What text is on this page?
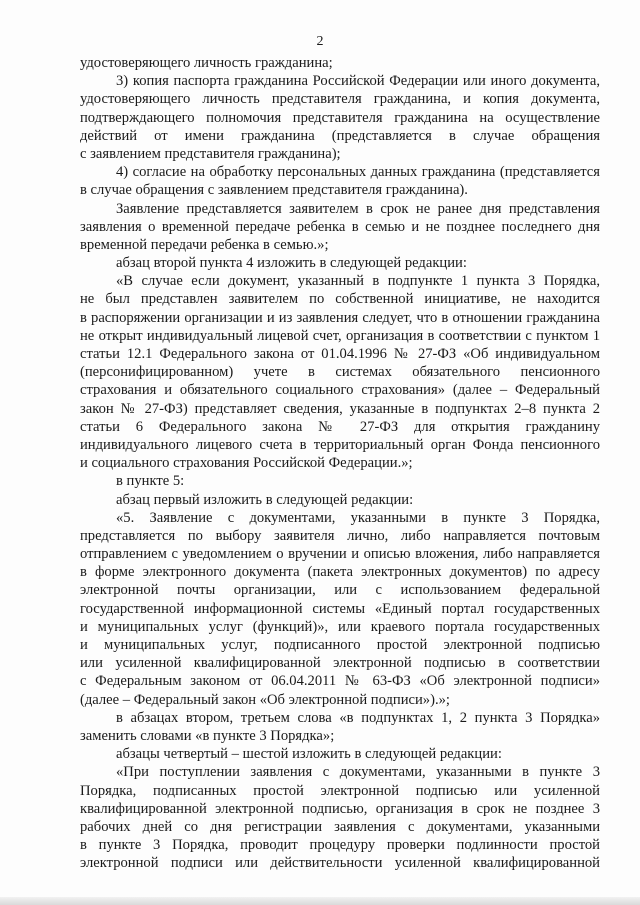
2
удостоверяющего личность гражданина;
3) копия паспорта гражданина Российской Федерации или иного документа,
удостоверяющего личность представителя гражданина, и копия документа,
подтверждающего полномочия представителя гражданина на осуществление
действий от имени гражданина (представляется в случае обращения
с заявлением представителя гражданина);
4) согласие на обработку персональных данных гражданина (представляется
в случае обращения с заявлением представителя гражданина).
Заявление представляется заявителем в срок не ранее дня представления
заявления о временной передаче ребенка в семью и не позднее последнего дня
временной передачи ребенка в семью.»;
абзац второй пункта 4 изложить в следующей редакции:
«В случае если документ, указанный в подпункте 1 пункта 3 Порядка,
не был представлен заявителем по собственной инициативе, не находится
в распоряжении организации и из заявления следует, что в отношении гражданина
не открыт индивидуальный лицевой счет, организация в соответствии с пунктом 1
статьи 12.1 Федерального закона от 01.04.1996 № 27-ФЗ «Об индивидуальном
(персонифицированном) учете в системах обязательного пенсионного
страхования и обязательного социального страхования» (далее – Федеральный
закон № 27-ФЗ) представляет сведения, указанные в подпунктах 2–8 пункта 2
статьи 6 Федерального закона № 27-ФЗ для открытия гражданину
индивидуального лицевого счета в территориальный орган Фонда пенсионного
и социального страхования Российской Федерации.»;
в пункте 5:
абзац первый изложить в следующей редакции:
«5. Заявление с документами, указанными в пункте 3 Порядка,
представляется по выбору заявителя лично, либо направляется почтовым
отправлением с уведомлением о вручении и описью вложения, либо направляется
в форме электронного документа (пакета электронных документов) по адресу
электронной почты организации, или с использованием федеральной
государственной информационной системы «Единый портал государственных
и муниципальных услуг (функций)», или краевого портала государственных
и муниципальных услуг, подписанного простой электронной подписью
или усиленной квалифицированной электронной подписью в соответствии
с Федеральным законом от 06.04.2011 № 63-ФЗ «Об электронной подписи»
(далее – Федеральный закон «Об электронной подписи»).»;
в абзацах втором, третьем слова «в подпунктах 1, 2 пункта 3 Порядка»
заменить словами «в пункте 3 Порядка»;
абзацы четвертый – шестой изложить в следующей редакции:
«При поступлении заявления с документами, указанными в пункте 3
Порядка, подписанных простой электронной подписью или усиленной
квалифицированной электронной подписью, организация в срок не позднее 3
рабочих дней со дня регистрации заявления с документами, указанными
в пункте 3 Порядка, проводит процедуру проверки подлинности простой
электронной подписи или действительности усиленной квалифицированной
